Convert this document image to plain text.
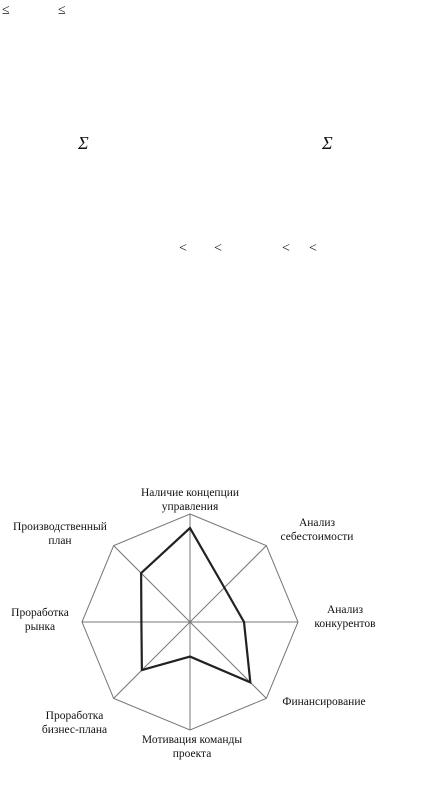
≤	≤
Σ	Σ
< <	< <
Наличие концепции
управления
Анализ
себестоимости
Анализ
конкурентов
Финансирование
Мотивация команды
проекта
Проработка
бизнес-плана
Проработка
рынка
Производственный
план
